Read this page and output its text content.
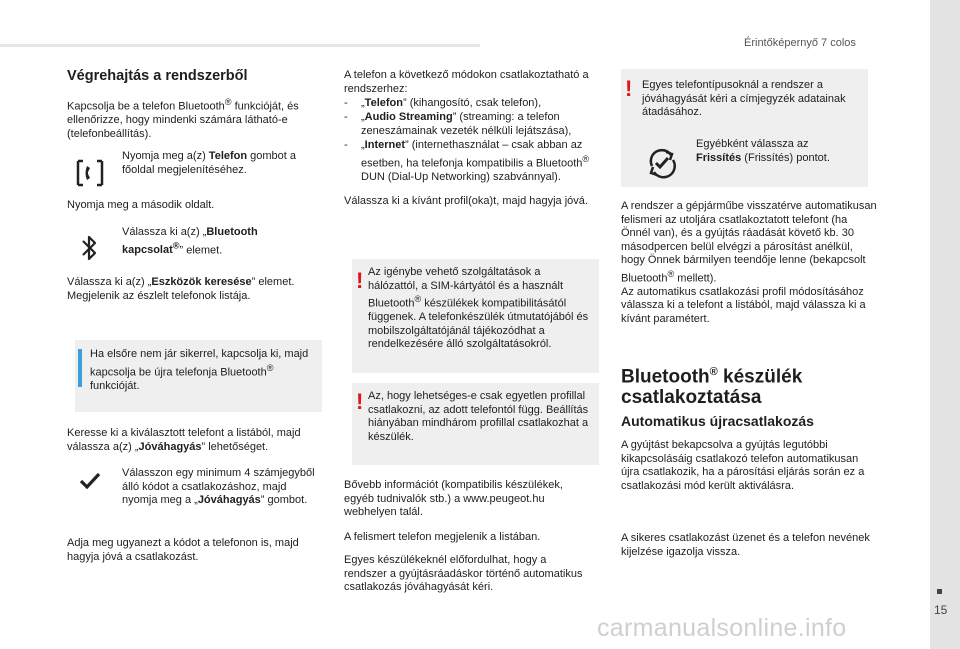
Érintőképernyő 7 colos
15
carmanualsonline.info
Végrehajtás a rendszerből
Kapcsolja be a telefon Bluetooth® funkcióját, és ellenőrizze, hogy mindenki számára látható-e (telefonbeállítás).
Nyomja meg a(z) Telefon gombot a főoldal megjelenítéséhez.
Nyomja meg a második oldalt.
Válassza ki a(z) „Bluetooth kapcsolat®” elemet.
Válassza ki a(z) „Eszközök keresése” elemet. Megjelenik az észlelt telefonok listája.
Ha elsőre nem jár sikerrel, kapcsolja ki, majd kapcsolja be újra telefonja Bluetooth® funkcióját.
Keresse ki a kiválasztott telefont a listából, majd válassza a(z) „Jóváhagyás” lehetőséget.
Válasszon egy minimum 4 számjegyből álló kódot a csatlakozáshoz, majd nyomja meg a „Jóváhagyás” gombot.
Adja meg ugyanezt a kódot a telefonon is, majd hagyja jóvá a csatlakozást.
A telefon a következő módokon csatlakoztatható a rendszerhez:
- „Telefon” (kihangosító, csak telefon),
- „Audio Streaming” (streaming: a telefon zeneszámainak vezeték nélküli lejátszása),
- „Internet” (internethasználat – csak abban az esetben, ha telefonja kompatibilis a Bluetooth® DUN (Dial-Up Networking) szabvánnyal).
Válassza ki a kívánt profil(oka)t, majd hagyja jóvá.
! Az igénybe vehető szolgáltatások a hálózattól, a SIM-kártyától és a használt Bluetooth® készülékek kompatibilitásától függenek. A telefonkészülék útmutatójából és mobilszolgáltatójánál tájékozódhat a rendelkezésére álló szolgáltatásokról.
! Az, hogy lehetséges-e csak egyetlen profillal csatlakozni, az adott telefontól függ. Beállítás hiányában mindhárom profillal csatlakozhat a készülék.
Bővebb információt (kompatibilis készülékek, egyéb tudnivalók stb.) a www.peugeot.hu webhelyen talál.
A felismert telefon megjelenik a listában.
Egyes készülékeknél előfordulhat, hogy a rendszer a gyújtásráadáskor történő automatikus csatlakozás jóváhagyását kéri.
! Egyes telefontípusoknál a rendszer a jóváhagyását kéri a címjegyzék adatainak átadásához.
Egyébként válassza az Frissítés (Frissítés) pontot.
A rendszer a gépjárműbe visszatérve automatikusan felismeri az utoljára csatlakoztatott telefont (ha Önnél van), és a gyújtás ráadását követő kb. 30 másodpercen belül elvégzi a párosítást anélkül, hogy Önnek bármilyen teendője lenne (bekapcsolt Bluetooth® mellett).
Az automatikus csatlakozási profil módosításához válassza ki a telefont a listából, majd válassza ki a kívánt paramétert.
Bluetooth® készülék csatlakoztatása
Automatikus újracsatlakozás
A gyújtást bekapcsolva a gyújtás legutóbbi kikapcsolásáig csatlakozó telefon automatikusan újra csatlakozik, ha a párosítási eljárás során ez a csatlakozási mód került aktiválásra.
A sikeres csatlakozást üzenet és a telefon nevének kijelzése igazolja vissza.
